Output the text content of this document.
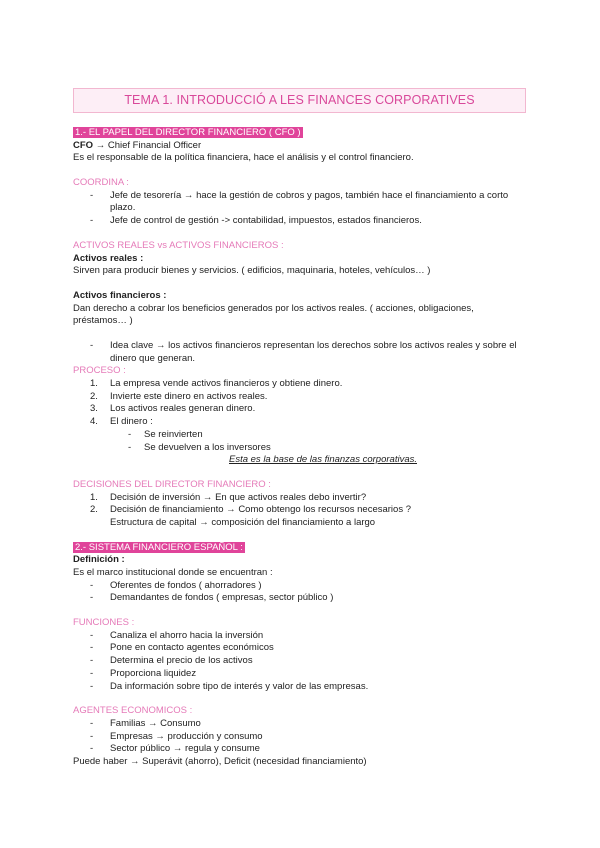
TEMA 1. INTRODUCCIÓ A LES FINANCES CORPORATIVES
1.- EL PAPEL DEL DIRECTOR FINANCIERO ( CFO )
CFO → Chief Financial Officer
Es el responsable de la política financiera, hace el análisis y el control financiero.
COORDINA :
- Jefe de tesorería → hace la gestión de cobros y pagos, también hace el financiamiento a corto plazo.
- Jefe de control de gestión -> contabilidad, impuestos, estados financieros.
ACTIVOS REALES vs ACTIVOS FINANCIEROS :
Activos reales :
Sirven para producir bienes y servicios. ( edificios, maquinaria, hoteles, vehículos… )
Activos financieros :
Dan derecho a cobrar los beneficios generados por los activos reales. ( acciones, obligaciones, préstamos… )
- Idea clave → los activos financieros representan los derechos sobre los activos reales y sobre el dinero que generan.
PROCESO :
1. La empresa vende activos financieros y obtiene dinero.
2. Invierte este dinero en activos reales.
3. Los activos reales generan dinero.
4. El dinero :
- Se reinvierten
- Se devuelven a los inversores
Esta es la base de las finanzas corporativas.
DECISIONES DEL DIRECTOR FINANCIERO :
1. Decisión de inversión → En que activos reales debo invertir?
2. Decisión de financiamiento → Como obtengo los recursos necesarios ?
Estructura de capital → composición del financiamiento a largo
2.- SISTEMA FINANCIERO ESPAÑOL :
Definición :
Es el marco institucional donde se encuentran :
- Oferentes de fondos ( ahorradores )
- Demandantes de fondos ( empresas, sector público )
FUNCIONES :
- Canaliza el ahorro hacia la inversión
- Pone en contacto agentes económicos
- Determina el precio de los activos
- Proporciona liquidez
- Da información sobre tipo de interés y valor de las empresas.
AGENTES ECONOMICOS :
- Familias → Consumo
- Empresas → producción y consumo
- Sector público → regula y consume
Puede haber → Superávit (ahorro), Deficit (necesidad financiamiento)
